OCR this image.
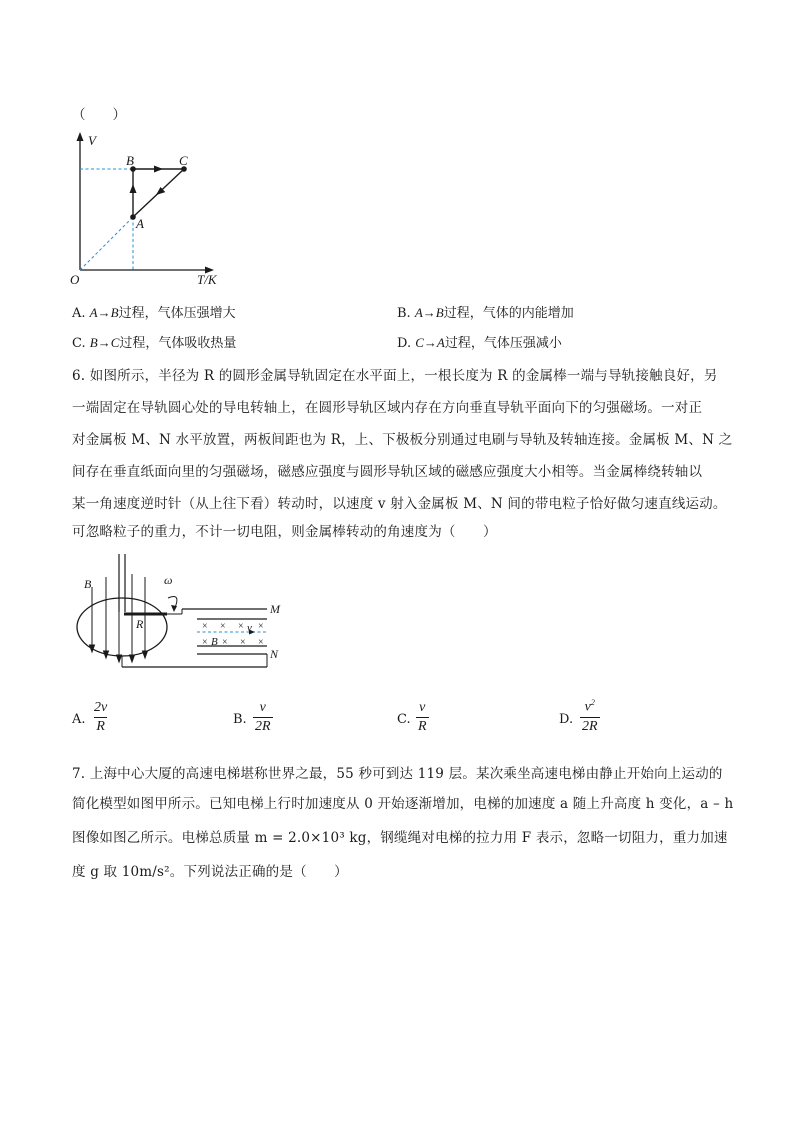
（　　）
V
T/K
O
A
B	C
A. A→B过程，气体压强增大	B. A→B过程，气体的内能增加
C. B→C过程，气体吸收热量	D. C→A过程，气体压强减小
6. 如图所示，半径为 R 的圆形金属导轨固定在水平面上，一根长度为 R 的金属棒一端与导轨接触良好，另
一端固定在导轨圆心处的导电转轴上，在圆形导轨区域内存在方向垂直导轨平面向下的匀强磁场。一对正
对金属板 M、N 水平放置，两板间距也为 R，上、下极板分别通过电刷与导轨及转轴连接。金属板 M、N 之
间存在垂直纸面向里的匀强磁场，磁感应强度与圆形导轨区域的磁感应强度大小相等。当金属棒绕转轴以
某一角速度逆时针（从上往下看）转动时，以速度 v 射入金属板 M、N 间的带电粒子恰好做匀速直线运动。
可忽略粒子的重力，不计一切电阻，则金属棒转动的角速度为（　　）
× × × ×
× × × ×
B	ω
R
M
N
v
B
A. $\frac{2v}{R}$	B. $\frac{v}{2R}$	C. $\frac{v}{R}$	D. $\frac{v^2}{2R}$
7. 上海中心大厦的高速电梯堪称世界之最，55 秒可到达 119 层。某次乘坐高速电梯由静止开始向上运动的
简化模型如图甲所示。已知电梯上行时加速度从 0 开始逐渐增加，电梯的加速度 a 随上升高度 h 变化，a – h
图像如图乙所示。电梯总质量 m = 2.0×10³ kg，钢缆绳对电梯的拉力用 F 表示，忽略一切阻力，重力加速
度 g 取 10m/s²。下列说法正确的是（　　）
